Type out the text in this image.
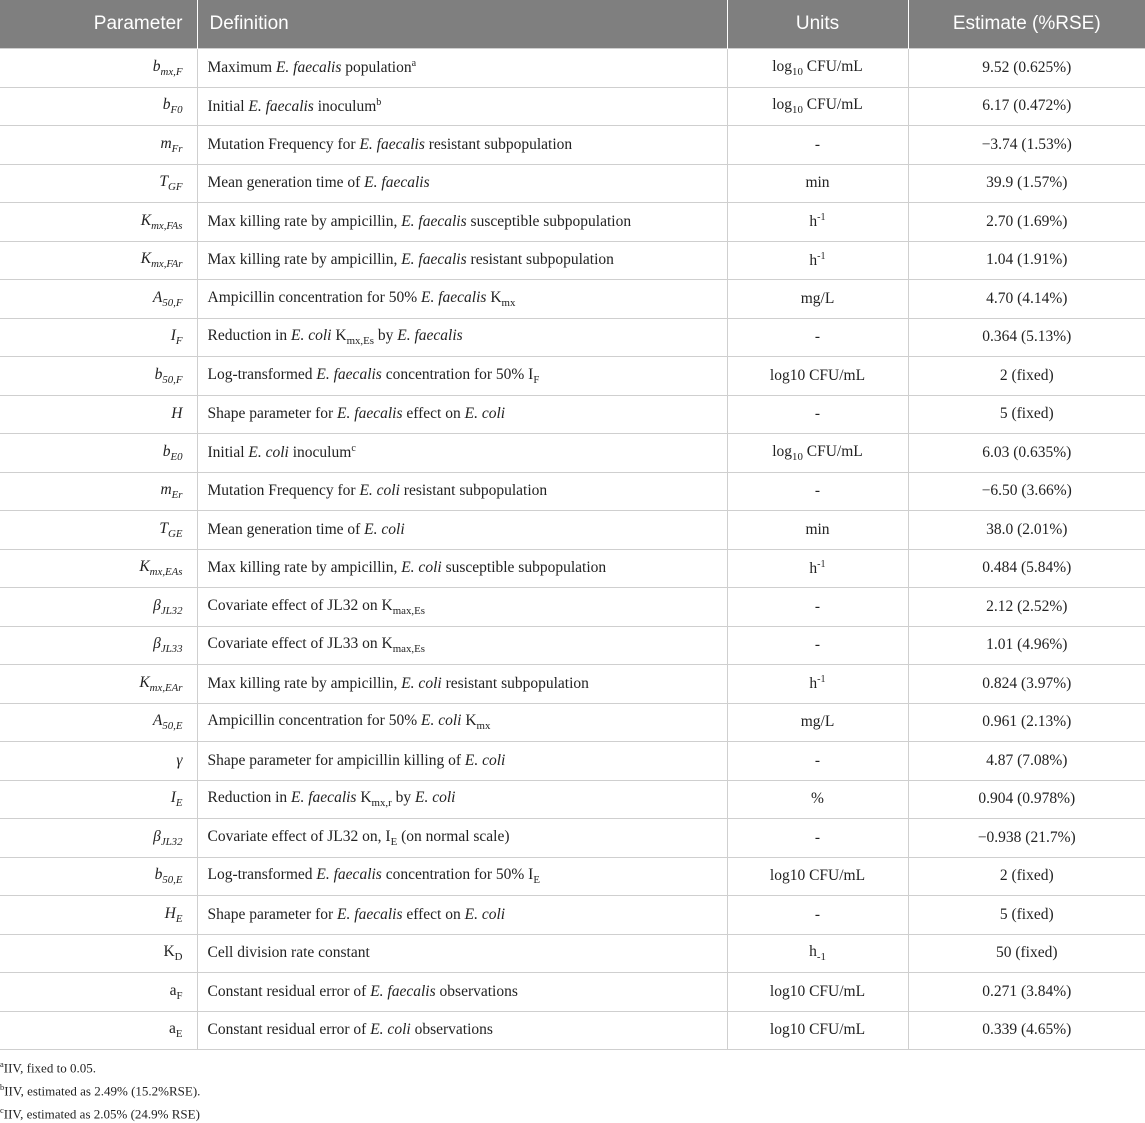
Parameter	Definition	Units	Estimate (%RSE)
$b_{mx,F}$	Maximum E. faecalis population$^a$	$\log_{10} CFU/mL$	9.52 (0.625%)
$b_{F0}$	Initial E. faecalis inoculum$^b$	$\log_{10} CFU/mL$	6.17 (0.472%)
$m_{Fr}$	Mutation Frequency for E. faecalis resistant subpopulation	-	−3.74 (1.53%)
$T_{GF}$	Mean generation time of E. faecalis	min	39.9 (1.57%)
$K_{mx,FAs}$	Max killing rate by ampicillin, E. faecalis susceptible subpopulation	$h^{-1}$	2.70 (1.69%)
$K_{mx,FAr}$	Max killing rate by ampicillin, E. faecalis resistant subpopulation	$h^{-1}$	1.04 (1.91%)
$A_{50,F}$	Ampicillin concentration for 50% E. faecalis $K_{mx}$	mg/L	4.70 (4.14%)
$I_F$	Reduction in E. coli $K_{mx,Es}$ by E. faecalis	-	0.364 (5.13%)
$b_{50,F}$	Log-transformed E. faecalis concentration for 50% $I_F$	log10 CFU/mL	2 (fixed)
H	Shape parameter for E. faecalis effect on E. coli	-	5 (fixed)
$b_{E0}$	Initial E. coli inoculum$^c$	$\log_{10} CFU/mL$	6.03 (0.635%)
$m_{Er}$	Mutation Frequency for E. coli resistant subpopulation	-	−6.50 (3.66%)
$T_{GE}$	Mean generation time of E. coli	min	38.0 (2.01%)
$K_{mx,EAs}$	Max killing rate by ampicillin, E. coli susceptible subpopulation	$h^{-1}$	0.484 (5.84%)
$\beta_{JL32}$	Covariate effect of JL32 on $K_{max,Es}$	-	2.12 (2.52%)
$\beta_{JL33}$	Covariate effect of JL33 on $K_{max,Es}$	-	1.01 (4.96%)
$K_{mx,EAr}$	Max killing rate by ampicillin, E. coli resistant subpopulation	$h^{-1}$	0.824 (3.97%)
$A_{50,E}$	Ampicillin concentration for 50% E. coli $K_{mx}$	mg/L	0.961 (2.13%)
γ	Shape parameter for ampicillin killing of E. coli	-	4.87 (7.08%)
$I_E$	Reduction in E. faecalis $K_{mx,r}$ by E. coli	%	0.904 (0.978%)
$\beta_{JL32}$	Covariate effect of JL32 on, $I_E$ (on normal scale)	-	−0.938 (21.7%)
$b_{50,E}$	Log-transformed E. faecalis concentration for 50% $I_E$	log10 CFU/mL	2 (fixed)
$H_E$	Shape parameter for E. faecalis effect on E. coli	-	5 (fixed)
$K_D$	Cell division rate constant	$h_{-1}$	50 (fixed)
$a_F$	Constant residual error of E. faecalis observations	log10 CFU/mL	0.271 (3.84%)
$a_E$	Constant residual error of E. coli observations	log10 CFU/mL	0.339 (4.65%)
$^a$IIV, fixed to 0.05.
$^b$IIV, estimated as 2.49% (15.2%RSE).
$^c$IIV, estimated as 2.05% (24.9% RSE)
